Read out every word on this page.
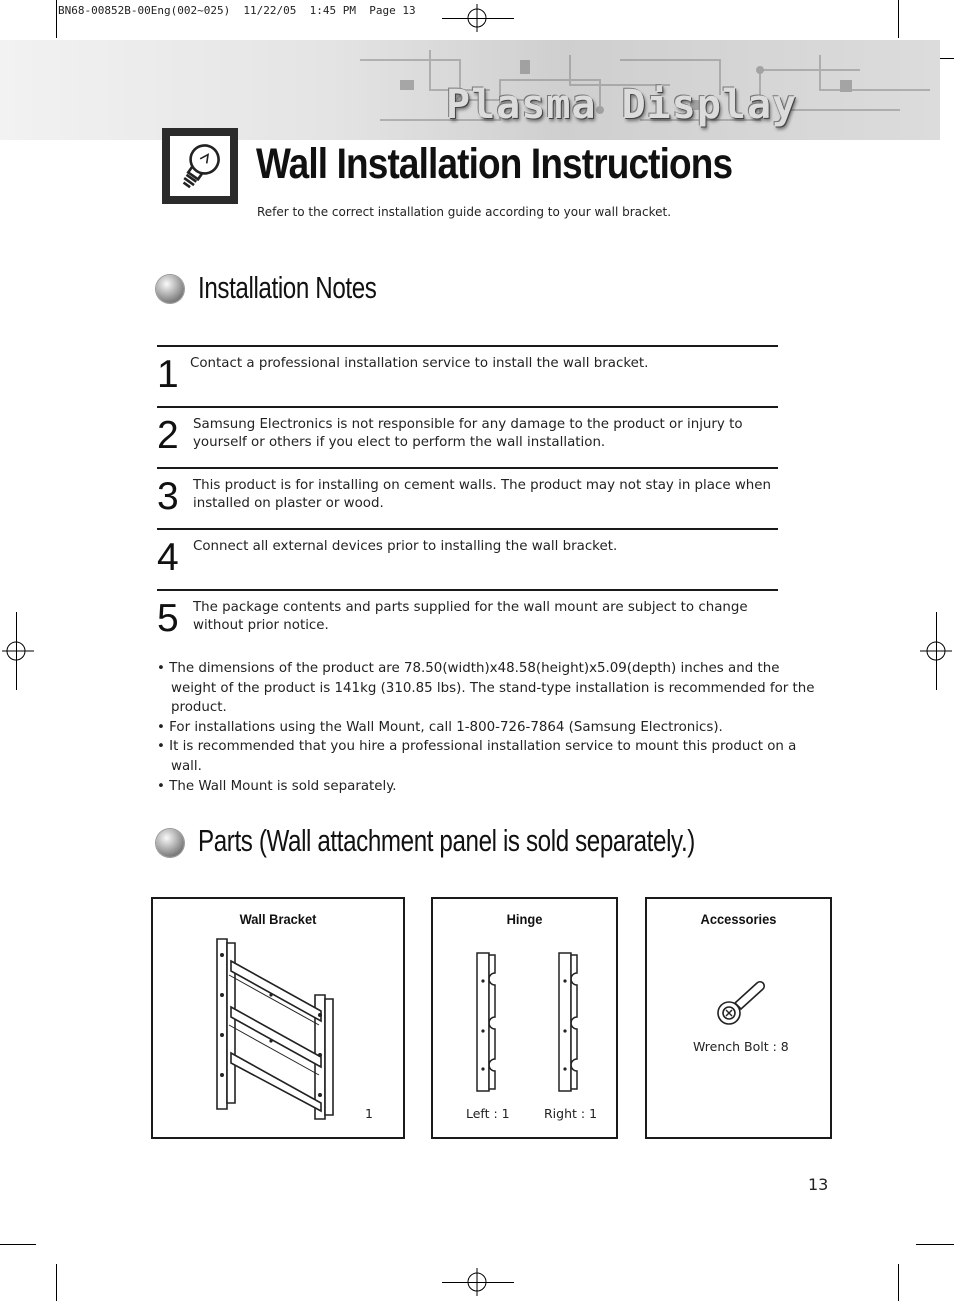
BN68-00852B-00Eng(002~025)  11/22/05  1:45 PM  Page 13
Plasma Display
Wall Installation Instructions
Refer to the correct installation guide according to your wall bracket.
Installation Notes
1 Contact a professional installation service to install the wall bracket.
2 Samsung Electronics is not responsible for any damage to the product or injury to yourself or others if you elect to perform the wall installation.
3 This product is for installing on cement walls. The product may not stay in place when installed on plaster or wood.
4 Connect all external devices prior to installing the wall bracket.
5 The package contents and parts supplied for the wall mount are subject to change without prior notice.
• The dimensions of the product are 78.50(width)x48.58(height)x5.09(depth) inches and the weight of the product is 141kg (310.85 lbs). The stand-type installation is recommended for the product.
• For installations using the Wall Mount, call 1-800-726-7864 (Samsung Electronics).
• It is recommended that you hire a professional installation service to mount this product on a wall.
• The Wall Mount is sold separately.
Parts (Wall attachment panel is sold separately.)
Wall Bracket
1
Hinge
Left : 1	Right : 1
Accessories
Wrench Bolt : 8
13
